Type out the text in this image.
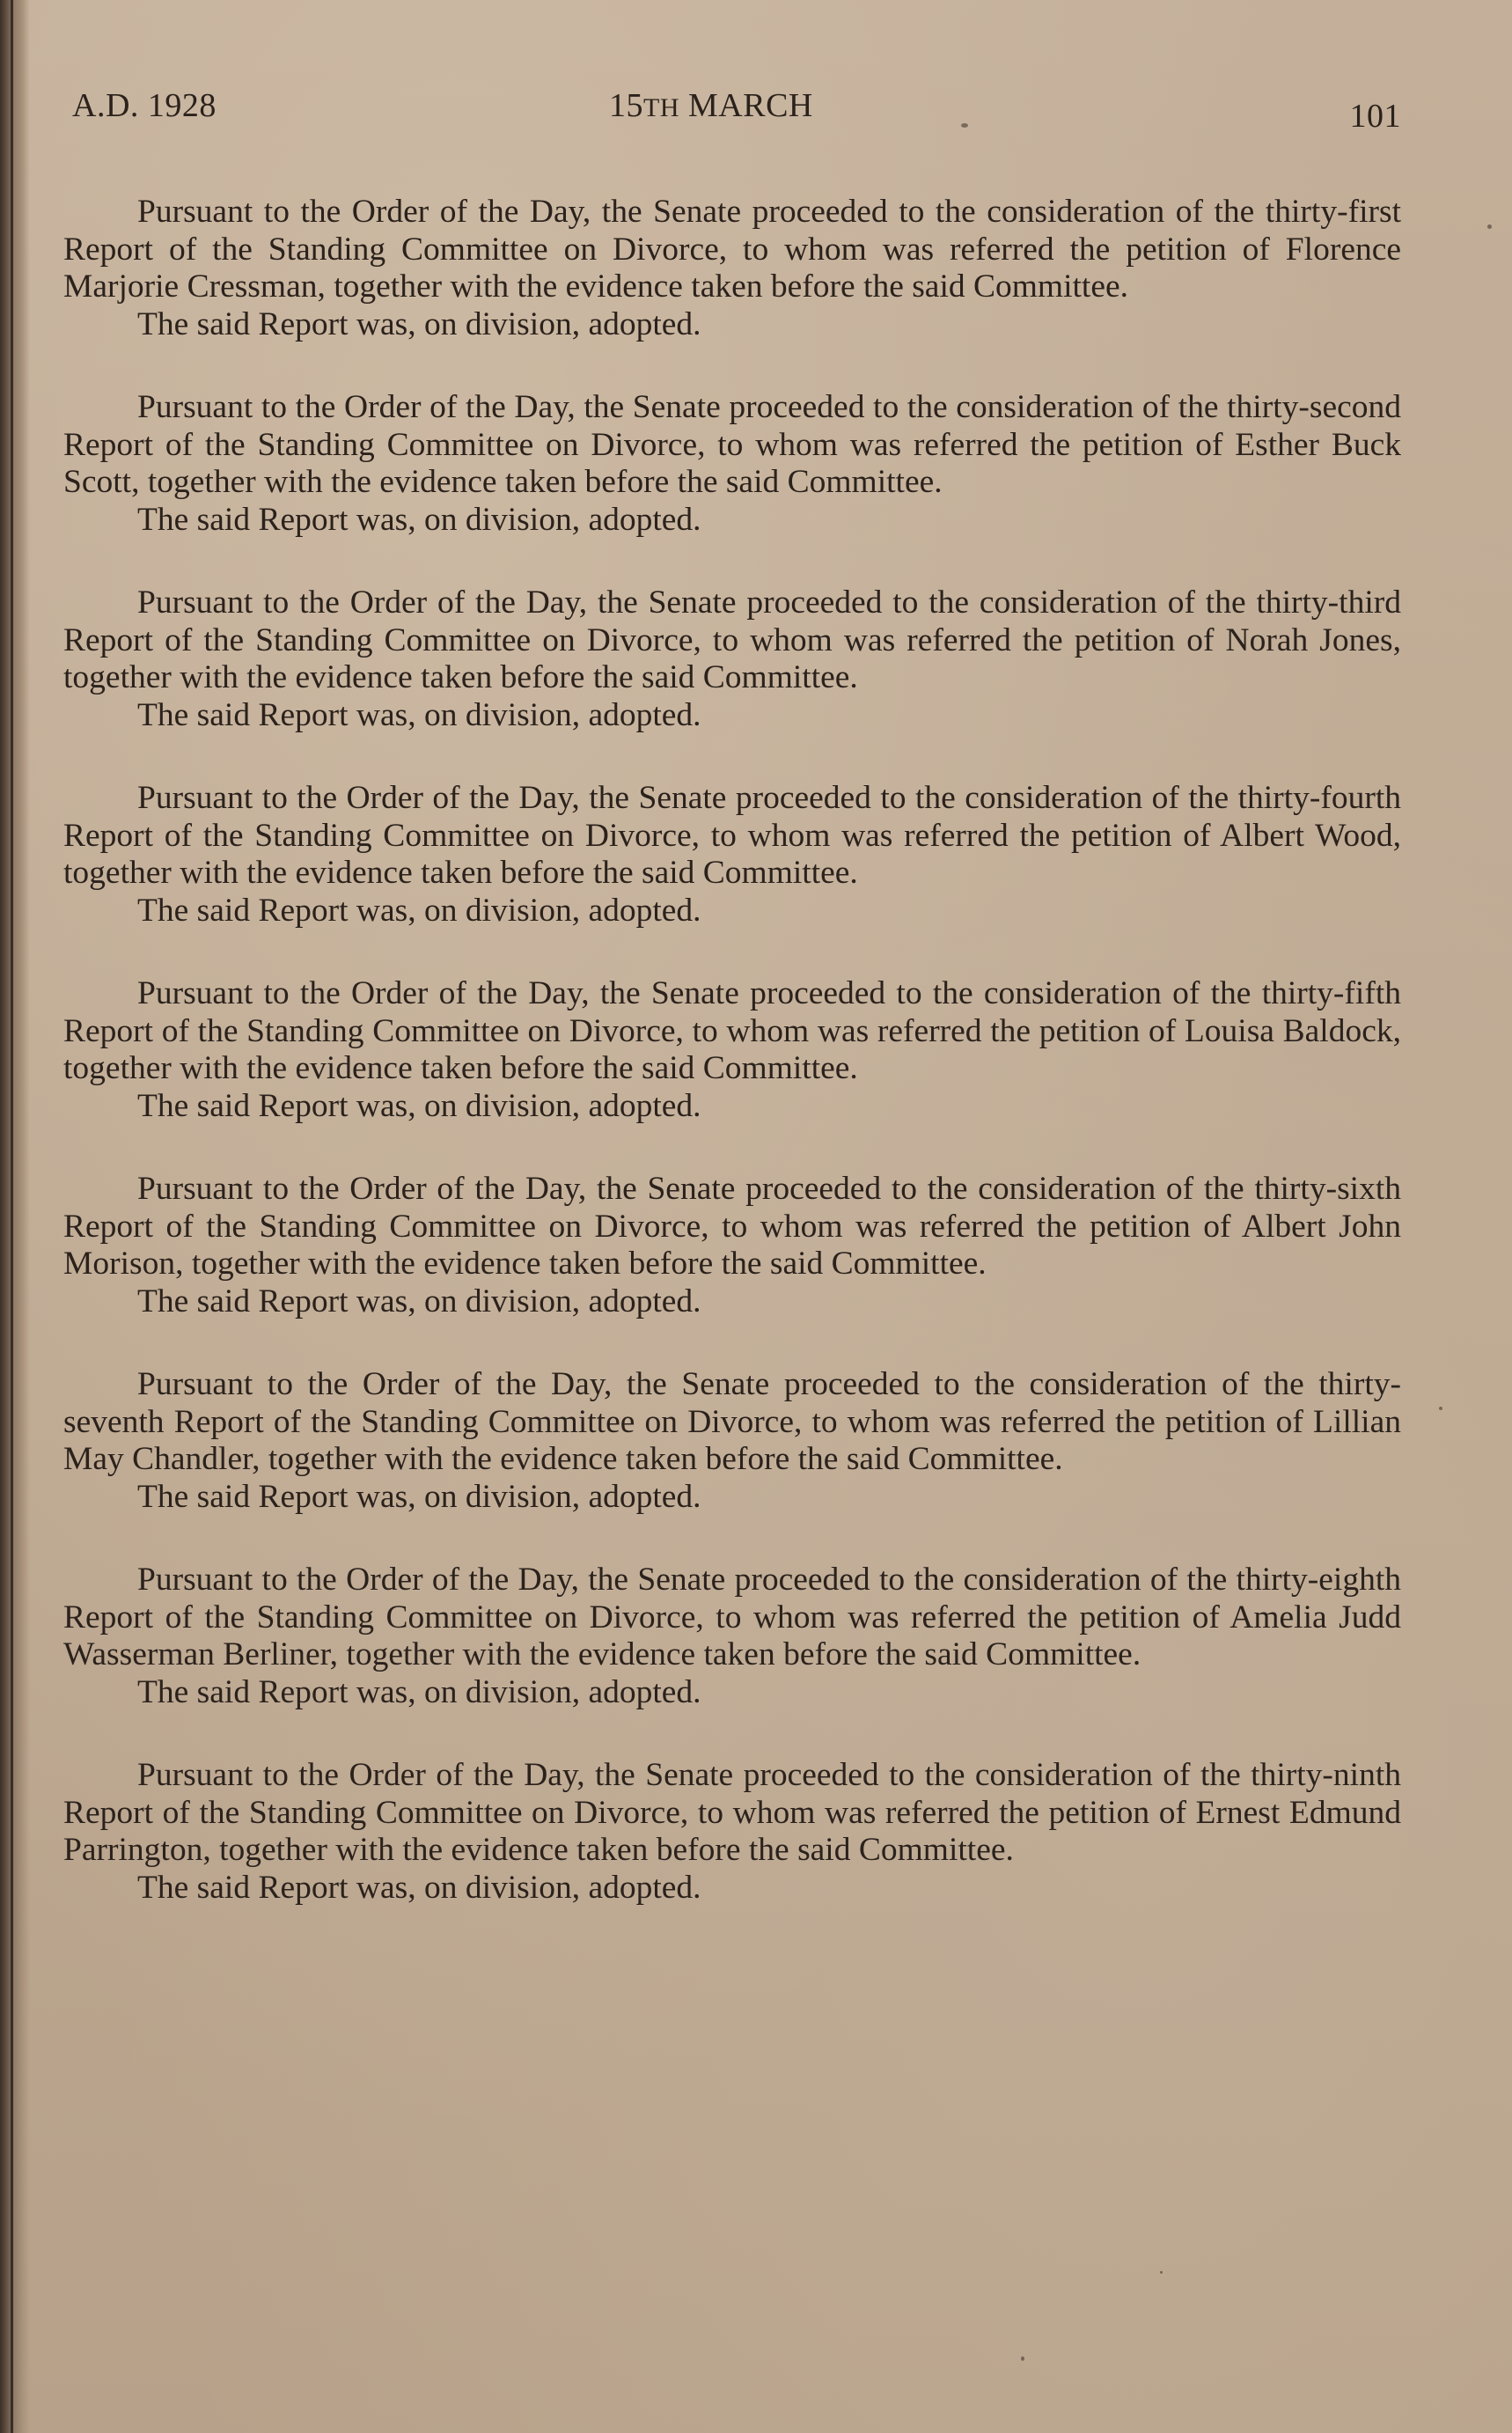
A.D. 1928	15TH MARCH	101

Pursuant to the Order of the Day, the Senate proceeded to the consideration of the thirty-first Report of the Standing Committee on Divorce, to whom was referred the petition of Florence Marjorie Cressman, together with the evidence taken before the said Committee.

The said Report was, on division, adopted.

Pursuant to the Order of the Day, the Senate proceeded to the consideration of the thirty-second Report of the Standing Committee on Divorce, to whom was referred the petition of Esther Buck Scott, together with the evidence taken before the said Committee.

The said Report was, on division, adopted.

Pursuant to the Order of the Day, the Senate proceeded to the consideration of the thirty-third Report of the Standing Committee on Divorce, to whom was referred the petition of Norah Jones, together with the evidence taken before the said Committee.

The said Report was, on division, adopted.

Pursuant to the Order of the Day, the Senate proceeded to the consideration of the thirty-fourth Report of the Standing Committee on Divorce, to whom was referred the petition of Albert Wood, together with the evidence taken before the said Committee.

The said Report was, on division, adopted.

Pursuant to the Order of the Day, the Senate proceeded to the consideration of the thirty-fifth Report of the Standing Committee on Divorce, to whom was referred the petition of Louisa Baldock, together with the evidence taken before the said Committee.

The said Report was, on division, adopted.

Pursuant to the Order of the Day, the Senate proceeded to the consideration of the thirty-sixth Report of the Standing Committee on Divorce, to whom was referred the petition of Albert John Morison, together with the evidence taken before the said Committee.

The said Report was, on division, adopted.

Pursuant to the Order of the Day, the Senate proceeded to the consideration of the thirty-seventh Report of the Standing Committee on Divorce, to whom was referred the petition of Lillian May Chandler, together with the evidence taken before the said Committee.

The said Report was, on division, adopted.

Pursuant to the Order of the Day, the Senate proceeded to the consideration of the thirty-eighth Report of the Standing Committee on Divorce, to whom was referred the petition of Amelia Judd Wasserman Berliner, together with the evidence taken before the said Committee.

The said Report was, on division, adopted.

Pursuant to the Order of the Day, the Senate proceeded to the consideration of the thirty-ninth Report of the Standing Committee on Divorce, to whom was referred the petition of Ernest Edmund Parrington, together with the evidence taken before the said Committee.

The said Report was, on division, adopted.
